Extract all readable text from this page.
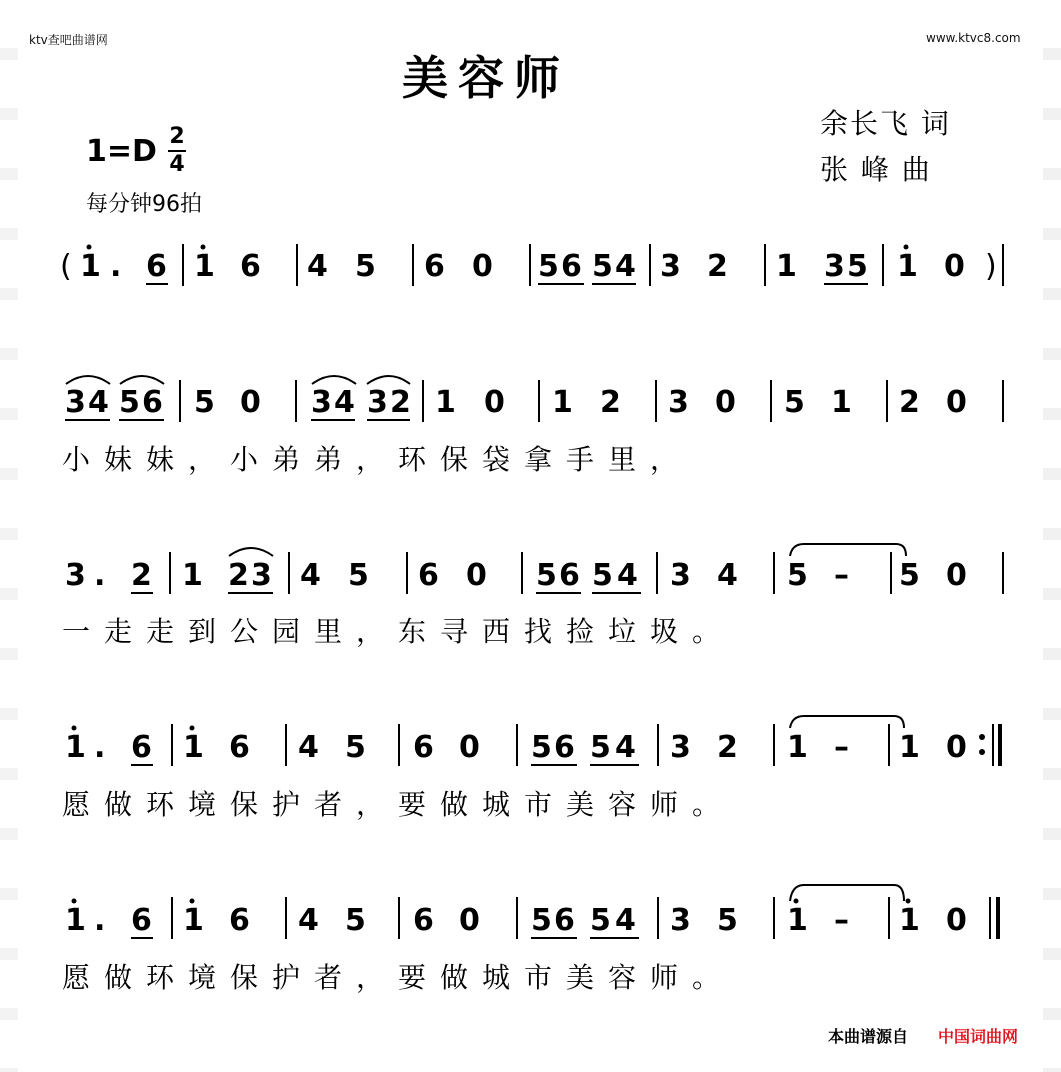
ktv查吧曲谱网	www.ktvc8.com
美容师
余长飞 词
张 峰 曲
1=D 2
4
每分钟96拍
( 1 . 6 1 6 4 5 6 0 5 6 5 4 3 2 1 3 5 1 0 )
3 4 5 6 5 0 3 4 3 2 1 0 1 2 3 0 5 1 2 0
3 . 2 1 2 3 4 5 6 0 5 6 5 4 3 4 5 – 5 0
1 . 6 1 6 4 5 6 0 5 6 5 4 3 2 1 – 1 0
1 . 6 1 6 4 5 6 0 5 6 5 4 3 5 1 – 1 0
小妹妹，小弟弟，环保袋拿手里，
一走走到公园里，东寻西找捡垃圾。
愿做环境保护者，要做城市美容师。
愿做环境保护者，要做城市美容师。
本曲谱源自 中国词曲网
